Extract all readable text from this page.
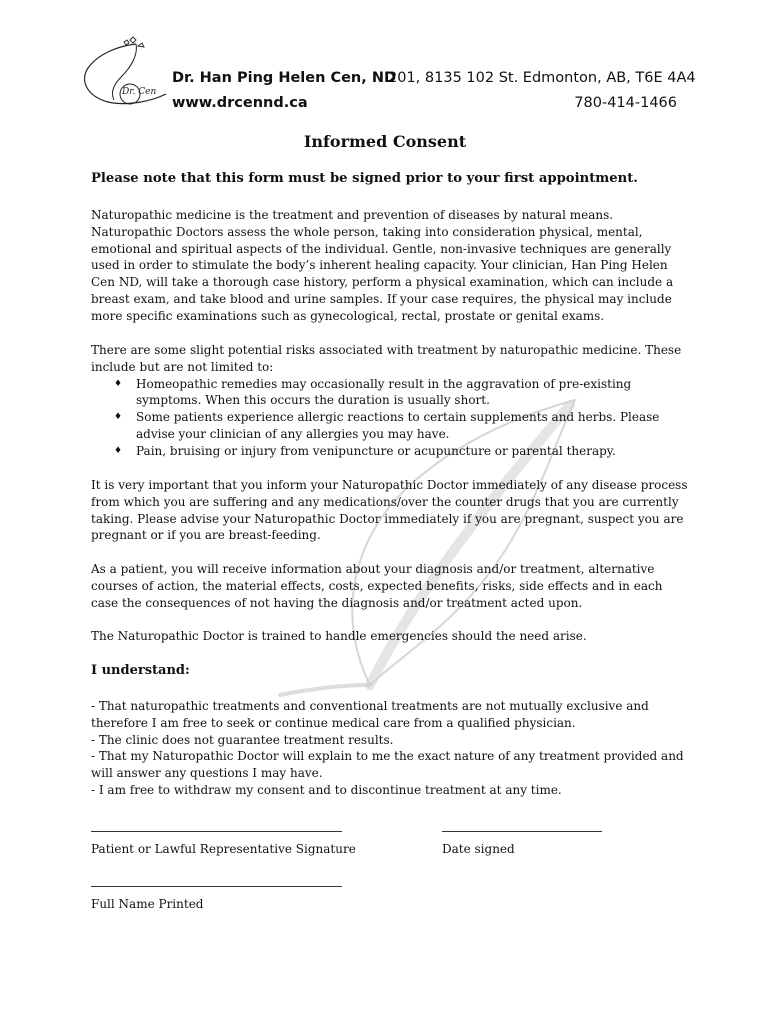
Dr. Cen
Dr. Han Ping Helen Cen, ND
201, 8135 102 St. Edmonton, AB, T6E 4A4
www.drcennd.ca	780-414-1466
Informed Consent
Please note that this form must be signed prior to your first appointment.

Naturopathic medicine is the treatment and prevention of diseases by natural means. Naturopathic Doctors assess the whole person, taking into consideration physical, mental, emotional and spiritual aspects of the individual. Gentle, non-invasive techniques are generally used in order to stimulate the body’s inherent healing capacity. Your clinician, Han Ping Helen Cen ND, will take a thorough case history, perform a physical examination, which can include a breast exam, and take blood and urine samples. If your case requires, the physical may include more specific examinations such as gynecological, rectal, prostate or genital exams.

There are some slight potential risks associated with treatment by naturopathic medicine. These include but are not limited to:

♦ Homeopathic remedies may occasionally result in the aggravation of pre-existing symptoms. When this occurs the duration is usually short.
♦ Some patients experience allergic reactions to certain supplements and herbs. Please advise your clinician of any allergies you may have.
♦ Pain, bruising or injury from venipuncture or acupuncture or parental therapy.

It is very important that you inform your Naturopathic Doctor immediately of any disease process from which you are suffering and any medications/over the counter drugs that you are currently taking. Please advise your Naturopathic Doctor immediately if you are pregnant, suspect you are pregnant or if you are breast-feeding.

As a patient, you will receive information about your diagnosis and/or treatment, alternative courses of action, the material effects, costs, expected benefits, risks, side effects and in each case the consequences of not having the diagnosis and/or treatment acted upon.

The Naturopathic Doctor is trained to handle emergencies should the need arise.

I understand:

- That naturopathic treatments and conventional treatments are not mutually exclusive and therefore I am free to seek or continue medical care from a qualified physician.

- The clinic does not guarantee treatment results.

- That my Naturopathic Doctor will explain to me the exact nature of any treatment provided and will answer any questions I may have.

- I am free to withdraw my consent and to discontinue treatment at any time.

Patient or Lawful Representative Signature	Date signed
Full Name Printed
